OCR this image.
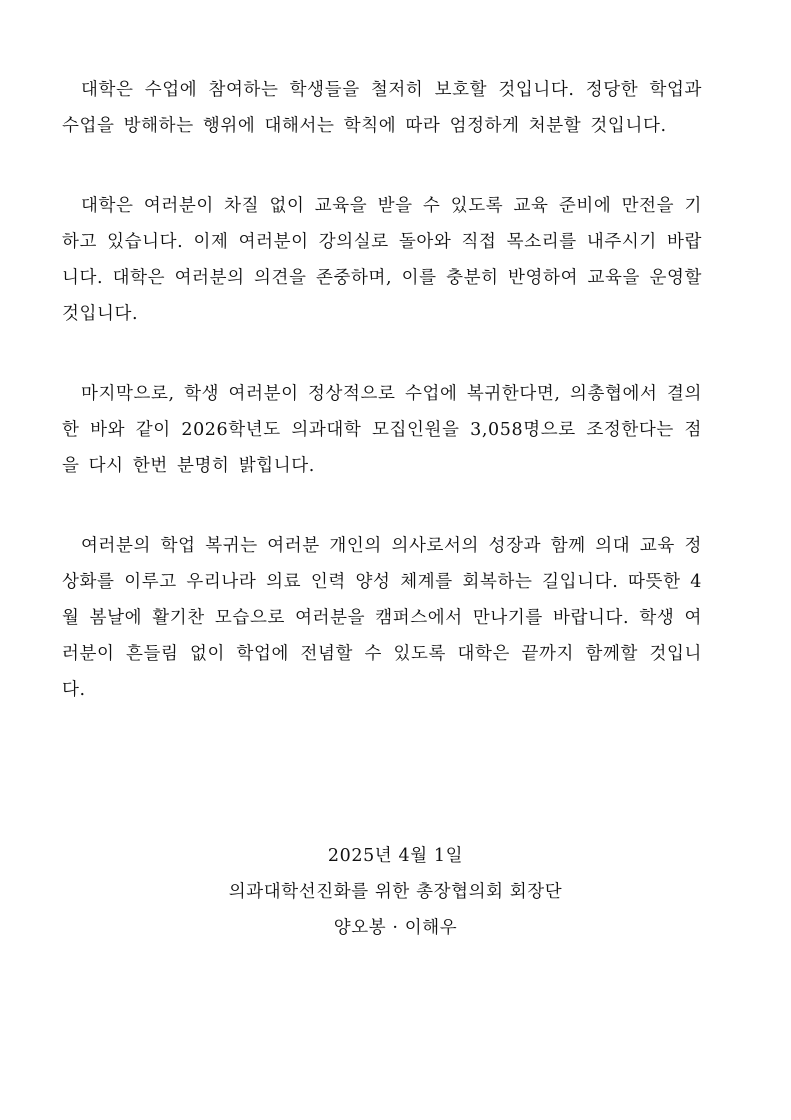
대학은 수업에 참여하는 학생들을 철저히 보호할 것입니다. 정당한 학업과 수업을 방해하는 행위에 대해서는 학칙에 따라 엄정하게 처분할 것입니다.

대학은 여러분이 차질 없이 교육을 받을 수 있도록 교육 준비에 만전을 기하고 있습니다. 이제 여러분이 강의실로 돌아와 직접 목소리를 내주시기 바랍니다. 대학은 여러분의 의견을 존중하며, 이를 충분히 반영하여 교육을 운영할 것입니다.

마지막으로, 학생 여러분이 정상적으로 수업에 복귀한다면, 의총협에서 결의한 바와 같이 2026학년도 의과대학 모집인원을 3,058명으로 조정한다는 점을 다시 한번 분명히 밝힙니다.

여러분의 학업 복귀는 여러분 개인의 의사로서의 성장과 함께 의대 교육 정상화를 이루고 우리나라 의료 인력 양성 체계를 회복하는 길입니다. 따뜻한 4월 봄날에 활기찬 모습으로 여러분을 캠퍼스에서 만나기를 바랍니다. 학생 여러분이 흔들림 없이 학업에 전념할 수 있도록 대학은 끝까지 함께할 것입니다.

2025년 4월 1일

의과대학선진화를 위한 총장협의회 회장단

양오봉 · 이해우
